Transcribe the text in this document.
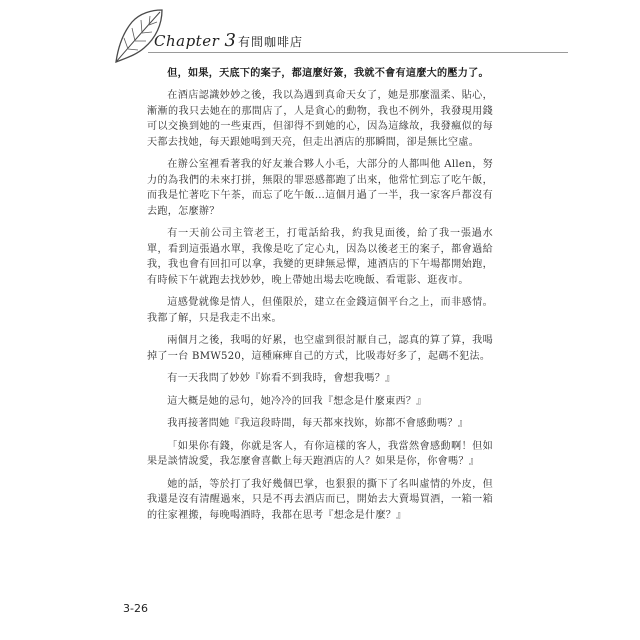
Chapter 3 有間咖啡店

但，如果，天底下的案子，都這麼好簽，我就不會有這麼大的壓力了。

在酒店認識妙妙之後，我以為遇到真命天女了，她是那麼溫柔、貼心，漸漸的我只去她在的那間店了，人是貪心的動物，我也不例外，我發現用錢可以交換到她的一些東西，但卻得不到她的心，因為這緣故，我發瘋似的每天都去找她，每天跟她喝到天亮，但走出酒店的那瞬間，卻是無比空虛。

在辦公室裡看著我的好友兼合夥人小毛，大部分的人都叫他 Allen，努力的為我們的未來打拼，無限的罪惡感都跑了出來，他常忙到忘了吃午飯，而我是忙著吃下午茶，而忘了吃午飯…這個月過了一半，我一家客戶都沒有去跑，怎麼辦？

有一天前公司主管老王，打電話給我，約我見面後，給了我一張過水單，看到這張過水單，我像是吃了定心丸，因為以後老王的案子，都會過給我，我也會有回扣可以拿，我變的更肆無忌憚，連酒店的下午場都開始跑，有時候下午就跑去找妙妙，晚上帶她出場去吃晚飯、看電影、逛夜市。

這感覺就像是情人，但僅限於，建立在金錢這個平台之上，而非感情。我都了解，只是我走不出來。

兩個月之後，我喝的好累，也空虛到很討厭自己，認真的算了算，我喝掉了一台 BMW520，這種麻痺自己的方式，比吸毒好多了，起碼不犯法。

有一天我問了妙妙『妳看不到我時，會想我嗎？』

這大概是她的忌句，她冷冷的回我『想念是什麼東西？』

我再接著問她『我這段時間，每天都來找妳，妳都不會感動嗎？』

「如果你有錢，你就是客人，有你這樣的客人，我當然會感動啊！但如果是談情說愛，我怎麼會喜歡上每天跑酒店的人？如果是你，你會嗎？』

她的話，等於打了我好幾個巴掌，也狠狠的撕下了名叫虛情的外皮，但我還是沒有清醒過來，只是不再去酒店而已，開始去大賣場買酒，一箱一箱的往家裡搬，每晚喝酒時，我都在思考『想念是什麼？』

3-26
